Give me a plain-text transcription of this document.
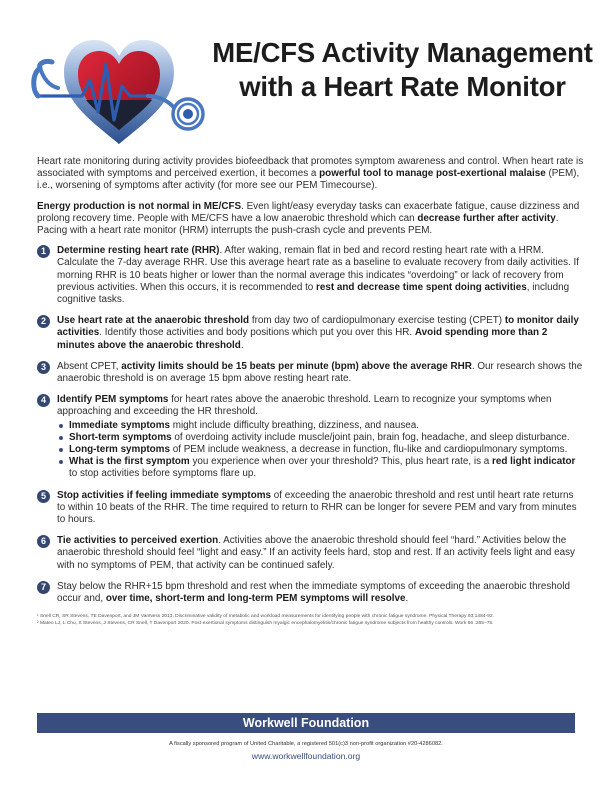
ME/CFS Activity Management
with a Heart Rate Monitor

Heart rate monitoring during activity provides biofeedback that promotes symptom awareness and control. When heart rate is associated with symptoms and perceived exertion, it becomes a powerful tool to manage post-exertional malaise (PEM), i.e., worsening of symptoms after activity (for more see our PEM Timecourse).

Energy production is not normal in ME/CFS. Even light/easy everyday tasks can exacerbate fatigue, cause dizziness and prolong recovery time. People with ME/CFS have a low anaerobic threshold which can decrease further after activity. Pacing with a heart rate monitor (HRM) interrupts the push-crash cycle and prevents PEM.

1	Determine resting heart rate (RHR). After waking, remain flat in bed and record resting heart rate with a HRM. Calculate the 7-day average RHR. Use this average heart rate as a baseline to evaluate recovery from daily activities. If morning RHR is 10 beats higher or lower than the normal average this indicates “overdoing” or lack of recovery from previous activities. When this occurs, it is recommended to rest and decrease time spent doing activities, includng cognitive tasks.
2	Use heart rate at the anaerobic threshold from day two of cardiopulmonary exercise testing (CPET) to monitor daily activities. Identify those activities and body positions which put you over this HR. Avoid spending more than 2 minutes above the anaerobic threshold.
3	Absent CPET, activity limits should be 15 beats per minute (bpm) above the average RHR. Our research shows the anaerobic threshold is on average 15 bpm above resting heart rate.
4	Identify PEM symptoms for heart rates above the anaerobic threshold. Learn to recognize your symptoms when approaching and exceeding the HR threshold.
Immediate symptoms might include difficulty breathing, dizziness, and nausea.
Short-term symptoms of overdoing activity include muscle/joint pain, brain fog, headache, and sleep disturbance.
Long-term symptoms of PEM include weakness, a decrease in function, flu-like and cardiopulmonary symptoms.
What is the first symptom you experience when over your threshold? This, plus heart rate, is a red light indicator to stop activities before symptoms flare up.
5	Stop activities if feeling immediate symptoms of exceeding the anaerobic threshold and rest until heart rate returns to within 10 beats of the RHR. The time required to return to RHR can be longer for severe PEM and vary from minutes to hours.
6	Tie activities to perceived exertion. Activities above the anaerobic threshold should feel “hard.” Activities below the anaerobic threshold should feel “light and easy.” If an activity feels hard, stop and rest. If an activity feels light and easy with no symptoms of PEM, that activity can be continued safely.
7	Stay below the RHR+15 bpm threshold and rest when the immediate symptoms of exceeding the anaerobic threshold occur and, over time, short-term and long-term PEM symptoms will resolve.
¹ Snell CR, SR Stevens, TE Davenport, and JM VanNess 2013. Discriminative validity of metabolic and workload measurements for identifying people with chronic fatigue syndrome. Physical Therapy 93:1484-92.
² Mateo LJ, L Chu, S Stevens, J Stevens, CR Snell, T Davenport 2020. Post-exertional symptoms distinguish myalgic encephalomyelitis/chronic fatigue syndrome subjects from healthy controls. Work 66 :265–75.
Workwell Foundation
A fiscally sponsored program of United Charitable, a registered 501(c)3 non-profit organization #20-4286082.
www.workwellfoundation.org
